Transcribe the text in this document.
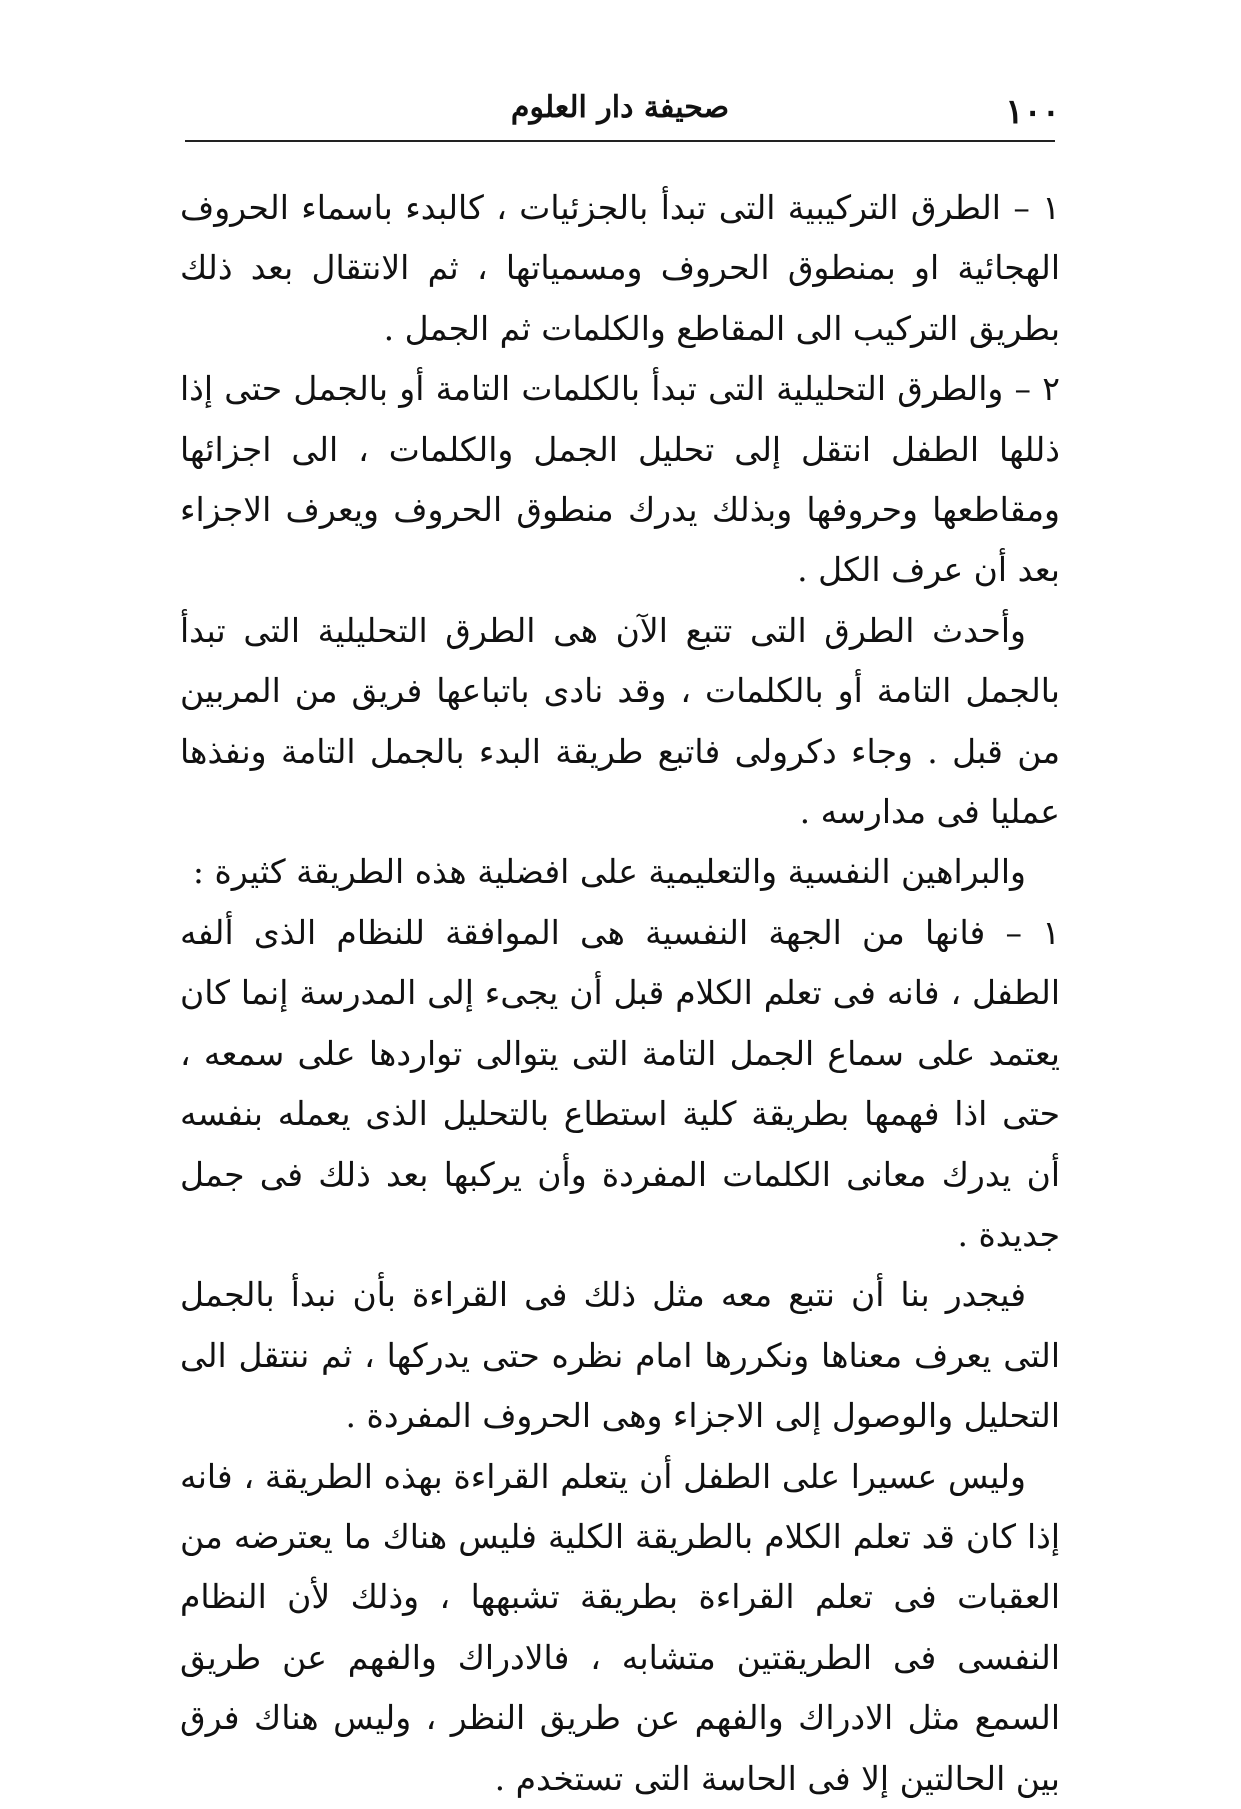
١٠٠
صحيفة دار العلوم

١ – الطرق التركيبية التى تبدأ بالجزئيات ، كالبدء باسماء الحروف الهجائية او بمنطوق الحروف ومسمياتها ، ثم الانتقال بعد ذلك بطريق التركيب الى المقاطع والكلمات ثم الجمل .

٢ – والطرق التحليلية التى تبدأ بالكلمات التامة أو بالجمل حتى إذا ذللها الطفل انتقل إلى تحليل الجمل والكلمات ، الى اجزائها ومقاطعها وحروفها وبذلك يدرك منطوق الحروف ويعرف الاجزاء بعد أن عرف الكل .

وأحدث الطرق التى تتبع الآن هى الطرق التحليلية التى تبدأ بالجمل التامة أو بالكلمات ، وقد نادى باتباعها فريق من المربين من قبل . وجاء دكرولى فاتبع طريقة البدء بالجمل التامة ونفذها عمليا فى مدارسه .

والبراهين النفسية والتعليمية على افضلية هذه الطريقة كثيرة :

١ – فانها من الجهة النفسية هى الموافقة للنظام الذى ألفه الطفل ، فانه فى تعلم الكلام قبل أن يجىء إلى المدرسة إنما كان يعتمد على سماع الجمل التامة التى يتوالى تواردها على سمعه ، حتى اذا فهمها بطريقة كلية استطاع بالتحليل الذى يعمله بنفسه أن يدرك معانى الكلمات المفردة وأن يركبها بعد ذلك فى جمل جديدة .

فيجدر بنا أن نتبع معه مثل ذلك فى القراءة بأن نبدأ بالجمل التى يعرف معناها ونكررها امام نظره حتى يدركها ، ثم ننتقل الى التحليل والوصول إلى الاجزاء وهى الحروف المفردة .

وليس عسيرا على الطفل أن يتعلم القراءة بهذه الطريقة ، فانه إذا كان قد تعلم الكلام بالطريقة الكلية فليس هناك ما يعترضه من العقبات فى تعلم القراءة بطريقة تشبهها ، وذلك لأن النظام النفسى فى الطريقتين متشابه ، فالادراك والفهم عن طريق السمع مثل الادراك والفهم عن طريق النظر ، وليس هناك فرق بين الحالتين إلا فى الحاسة التى تستخدم .
